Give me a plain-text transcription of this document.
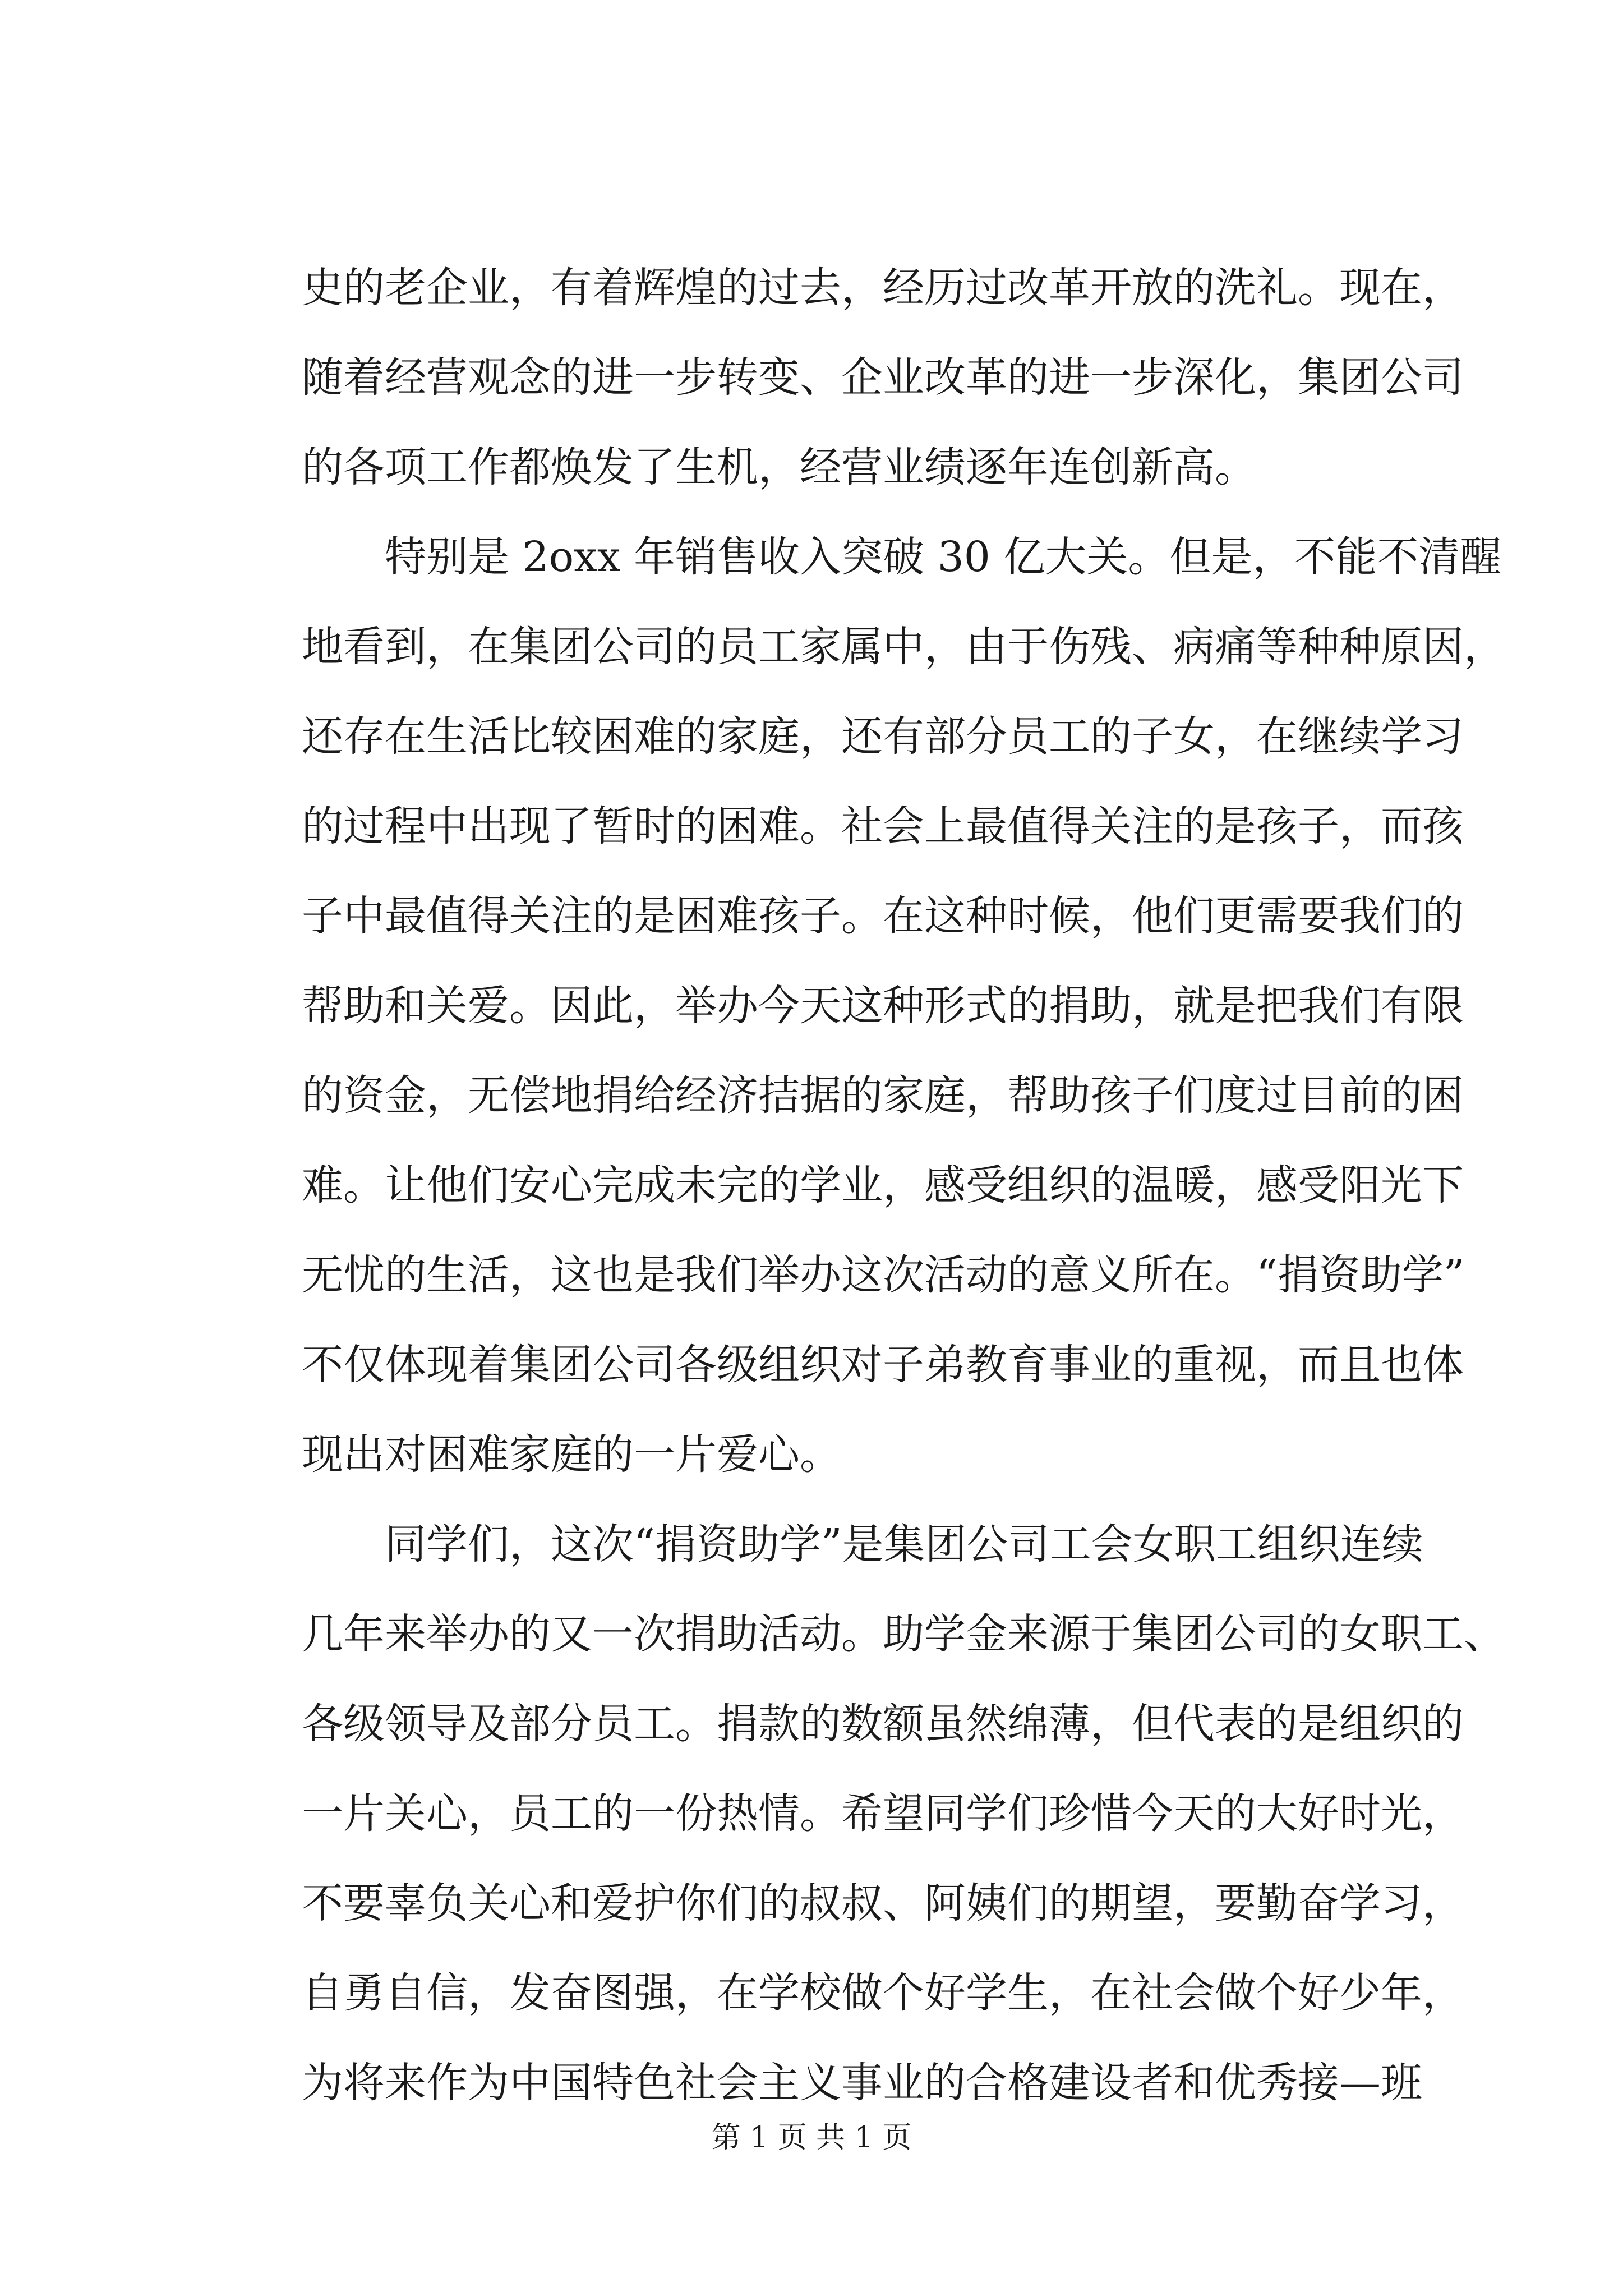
史的老企业，有着辉煌的过去，经历过改革开放的洗礼。现在，
随着经营观念的进一步转变、企业改革的进一步深化，集团公司
的各项工作都焕发了生机，经营业绩逐年连创新高。
特别是 2oxx 年销售收入突破 30 亿大关。但是，不能不清醒
地看到，在集团公司的员工家属中，由于伤残、病痛等种种原因，
还存在生活比较困难的家庭，还有部分员工的子女，在继续学习
的过程中出现了暂时的困难。社会上最值得关注的是孩子，而孩
子中最值得关注的是困难孩子。在这种时候，他们更需要我们的
帮助和关爱。因此，举办今天这种形式的捐助，就是把我们有限
的资金，无偿地捐给经济拮据的家庭，帮助孩子们度过目前的困
难。让他们安心完成未完的学业，感受组织的温暖，感受阳光下
无忧的生活，这也是我们举办这次活动的意义所在。“捐资助学”
不仅体现着集团公司各级组织对子弟教育事业的重视，而且也体
现出对困难家庭的一片爱心。
同学们，这次“捐资助学”是集团公司工会女职工组织连续
几年来举办的又一次捐助活动。助学金来源于集团公司的女职工、
各级领导及部分员工。捐款的数额虽然绵薄，但代表的是组织的
一片关心，员工的一份热情。希望同学们珍惜今天的大好时光，
不要辜负关心和爱护你们的叔叔、阿姨们的期望，要勤奋学习，
自勇自信，发奋图强，在学校做个好学生，在社会做个好少年，
为将来作为中国特色社会主义事业的合格建设者和优秀接—班
第 1 页 共 1 页
